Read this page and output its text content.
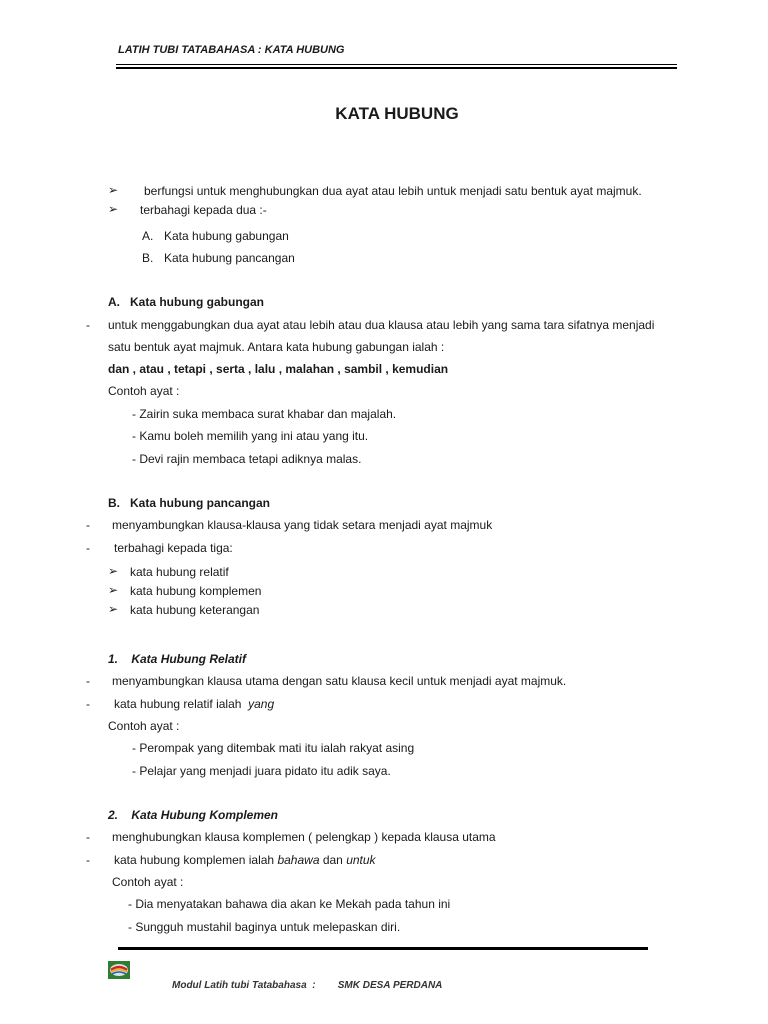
LATIH TUBI TATABAHASA : KATA HUBUNG
KATA HUBUNG
➢ berfungsi untuk menghubungkan dua ayat atau lebih untuk menjadi satu bentuk ayat majmuk.
➢ terbahagi kepada dua :-
A. Kata hubung gabungan
B. Kata hubung pancangan
A.   Kata hubung gabungan
- untuk menggabungkan dua ayat atau lebih atau dua klausa atau lebih yang sama tara sifatnya menjadi
satu bentuk ayat majmuk. Antara kata hubung gabungan ialah :
dan , atau , tetapi , serta , lalu , malahan , sambil , kemudian
Contoh ayat :
- Zairin suka membaca surat khabar dan majalah.
- Kamu boleh memilih yang ini atau yang itu.
- Devi rajin membaca tetapi adiknya malas.
B.   Kata hubung pancangan
- menyambungkan klausa-klausa yang tidak setara menjadi ayat majmuk
- terbahagi kepada tiga:
➢ kata hubung relatif
➢ kata hubung komplemen
➢ kata hubung keterangan
1.    Kata Hubung Relatif
- menyambungkan klausa utama dengan satu klausa kecil untuk menjadi ayat majmuk.
- kata hubung relatif ialah  yang
Contoh ayat :
- Perompak yang ditembak mati itu ialah rakyat asing
- Pelajar yang menjadi juara pidato itu adik saya.
2.    Kata Hubung Komplemen
- menghubungkan klausa komplemen ( pelengkap ) kepada klausa utama
- kata hubung komplemen ialah bahawa dan untuk
Contoh ayat :
- Dia menyatakan bahawa dia akan ke Mekah pada tahun ini
- Sungguh mustahil baginya untuk melepaskan diri.
Modul Latih tubi Tatabahasa  :        SMK DESA PERDANA
